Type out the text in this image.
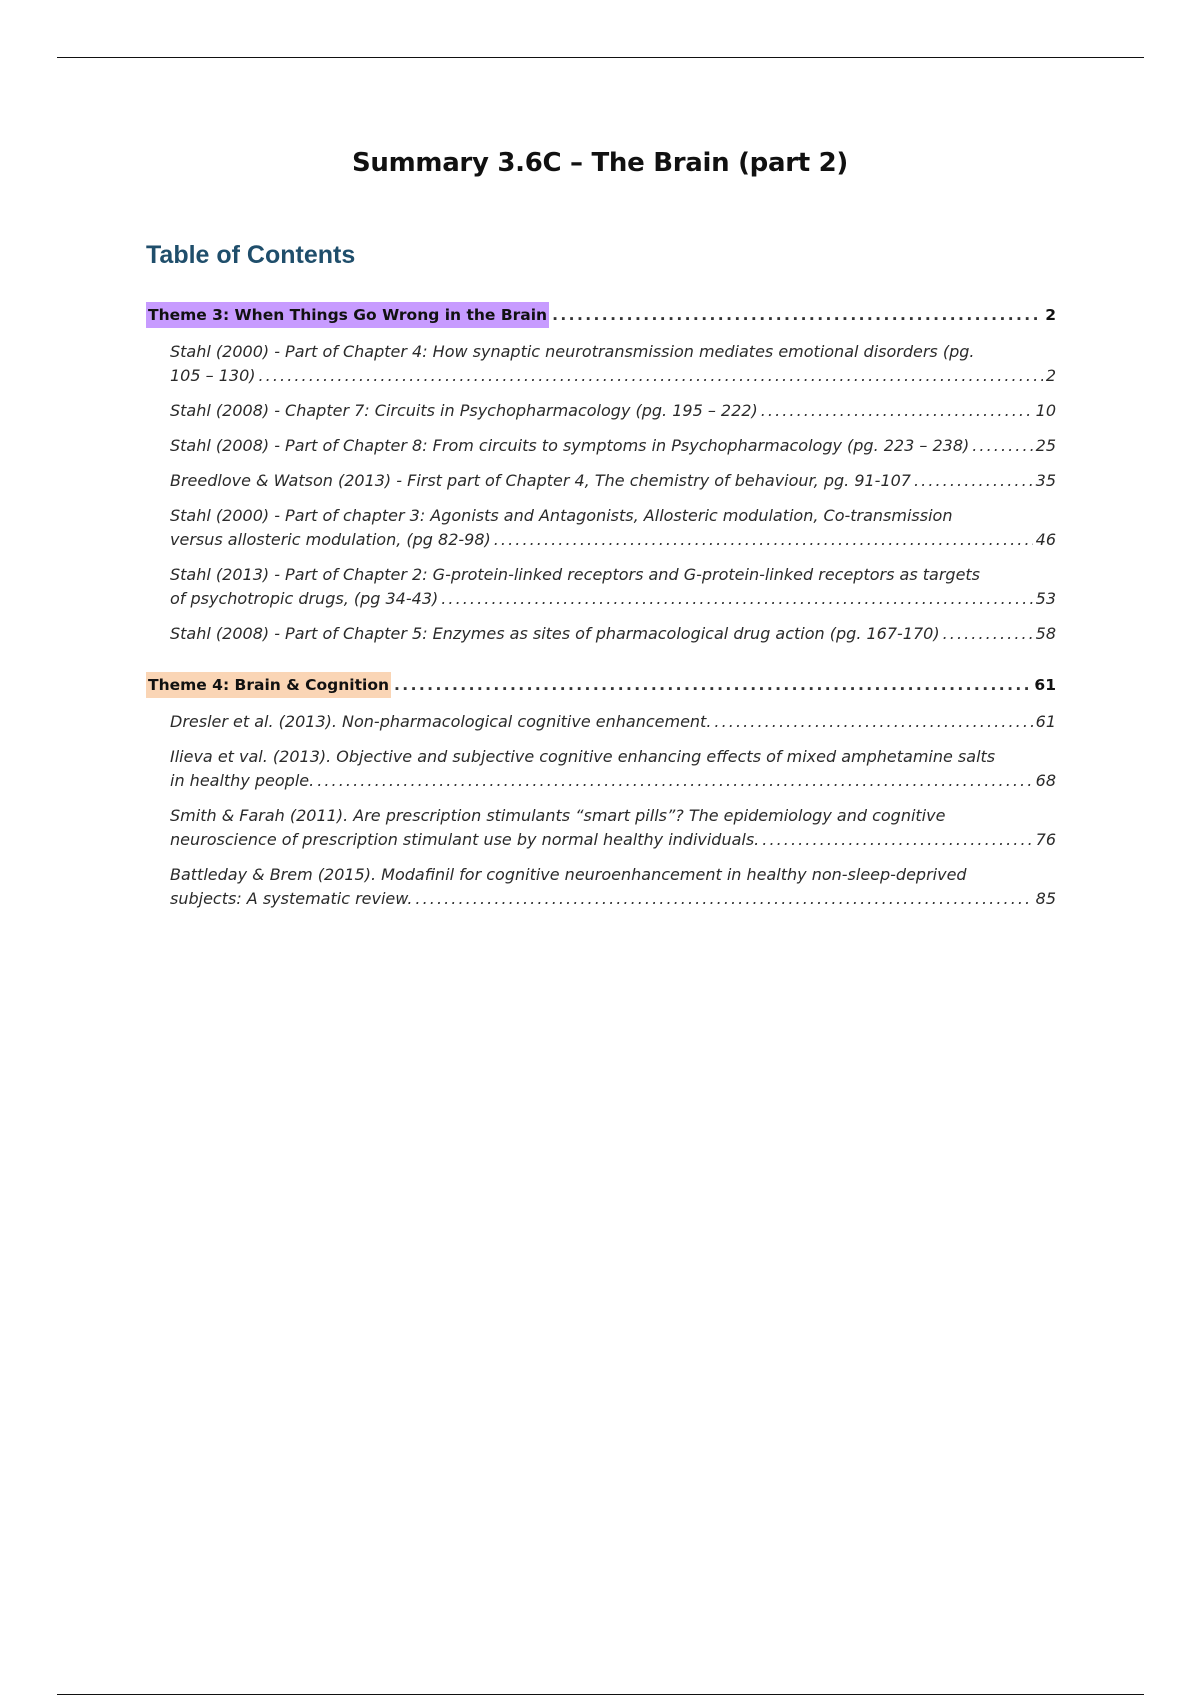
Summary 3.6C – The Brain (part 2)
Table of Contents
Theme 3: When Things Go Wrong in the Brain . . .	2
Stahl (2000) - Part of Chapter 4: How synaptic neurotransmission mediates emotional disorders (pg.
105 – 130) . . .	2
Stahl (2008) - Chapter 7: Circuits in Psychopharmacology (pg. 195 – 222) . . .	10
Stahl (2008) - Part of Chapter 8: From circuits to symptoms in Psychopharmacology (pg. 223 – 238) . . .	25
Breedlove & Watson (2013) - First part of Chapter 4, The chemistry of behaviour, pg. 91-107 . . .	35
Stahl (2000) - Part of chapter 3: Agonists and Antagonists, Allosteric modulation, Co-transmission
versus allosteric modulation, (pg 82-98) . . .	46
Stahl (2013) - Part of Chapter 2: G-protein-linked receptors and G-protein-linked receptors as targets
of psychotropic drugs, (pg 34-43) . . .	53
Stahl (2008) - Part of Chapter 5: Enzymes as sites of pharmacological drug action (pg. 167-170) . . .	58
Theme 4: Brain & Cognition . . .	61
Dresler et al. (2013). Non-pharmacological cognitive enhancement. . . .	61
Ilieva et val. (2013). Objective and subjective cognitive enhancing effects of mixed amphetamine salts
in healthy people. . . .	68
Smith & Farah (2011). Are prescription stimulants “smart pills”? The epidemiology and cognitive
neuroscience of prescription stimulant use by normal healthy individuals. . . .	76
Battleday & Brem (2015). Modafinil for cognitive neuroenhancement in healthy non-sleep-deprived
subjects: A systematic review. . . .	85
